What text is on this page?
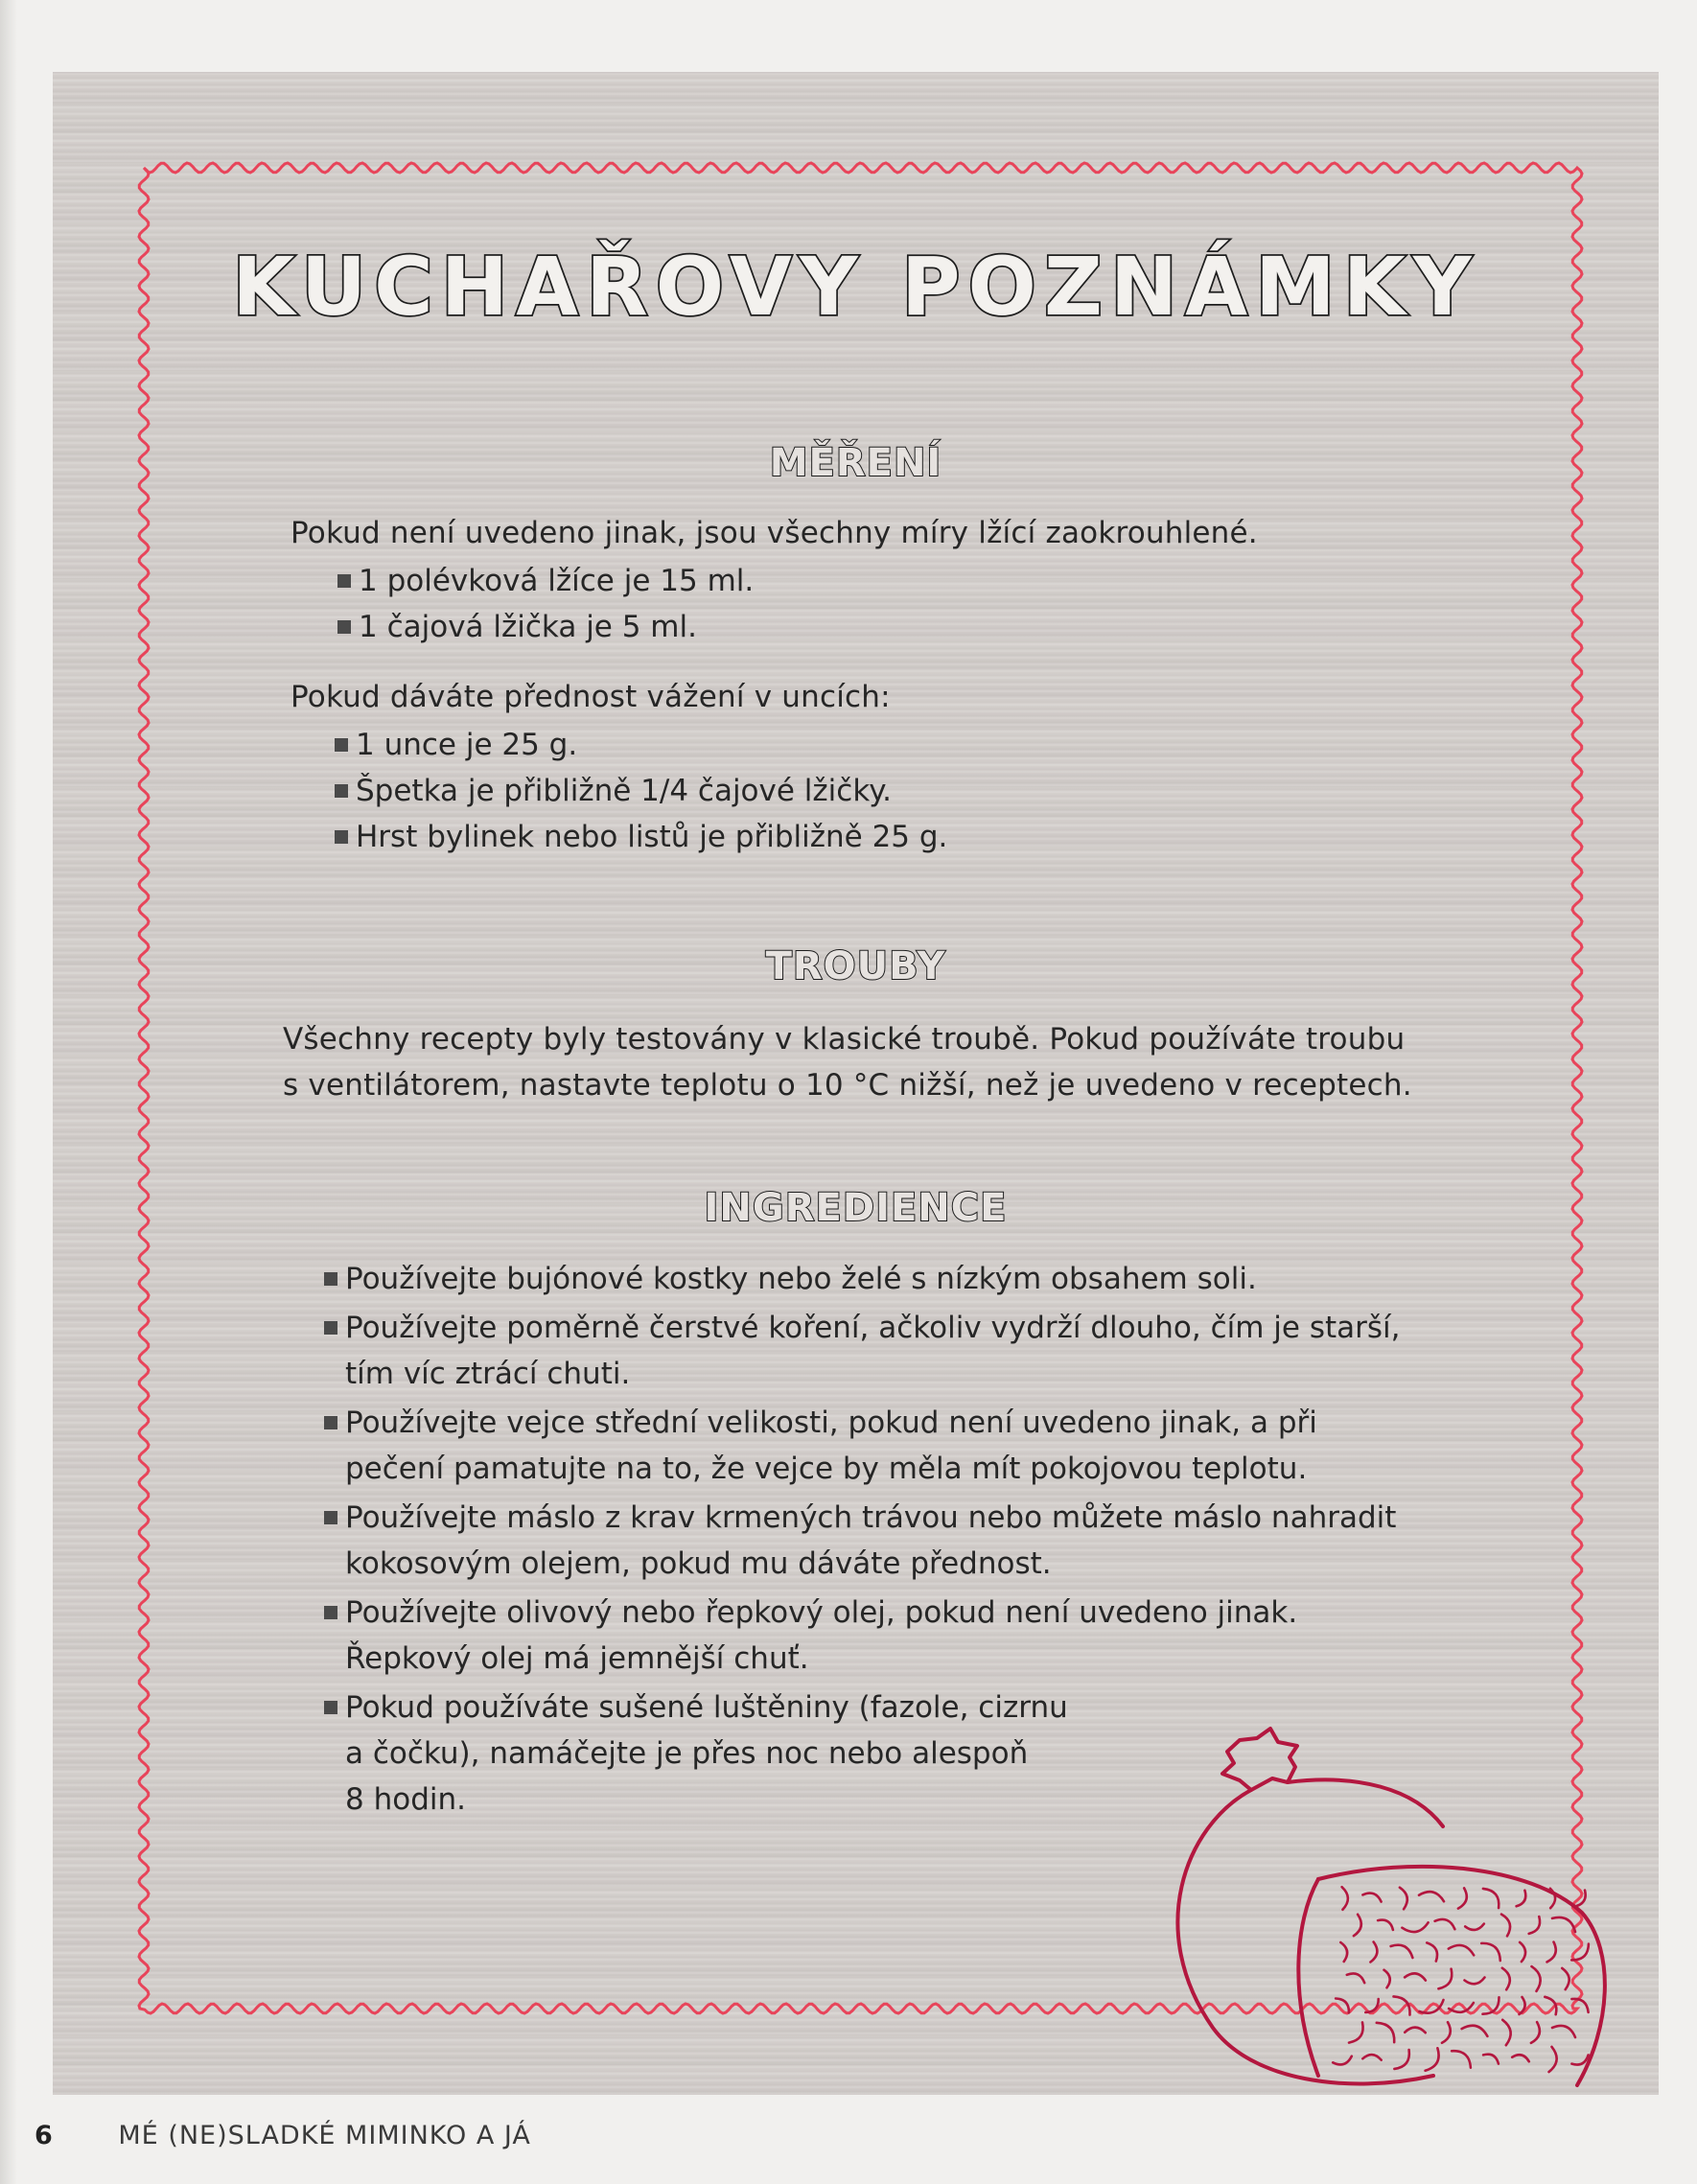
KUCHAŘOVY POZNÁMKY
MĚŘENÍ

Pokud není uvedeno jinak, jsou všechny míry lžící zaokrouhlené.

1 polévková lžíce je 15 ml.
1 čajová lžička je 5 ml.

Pokud dáváte přednost vážení v uncích:

1 unce je 25 g.
Špetka je přibližně 1/4 čajové lžičky.
Hrst bylinek nebo listů je přibližně 25 g.
TROUBY

Všechny recepty byly testovány v klasické troubě. Pokud používáte troubu

s ventilátorem, nastavte teplotu o 10 °C nižší, než je uvedeno v receptech.

INGREDIENCE
Používejte bujónové kostky nebo želé s nízkým obsahem soli.
Používejte poměrně čerstvé koření, ačkoliv vydrží dlouho, čím je starší,
tím víc ztrácí chuti.
Používejte vejce střední velikosti, pokud není uvedeno jinak, a při
pečení pamatujte na to, že vejce by měla mít pokojovou teplotu.
Používejte máslo z krav krmených trávou nebo můžete máslo nahradit
kokosovým olejem, pokud mu dáváte přednost.
Používejte olivový nebo řepkový olej, pokud není uvedeno jinak.
Řepkový olej má jemnější chuť.
Pokud používáte sušené luštěniny (fazole, cizrnu
a čočku), namáčejte je přes noc nebo alespoň
8 hodin.
6	MÉ (NE)SLADKÉ MIMINKO A JÁ
